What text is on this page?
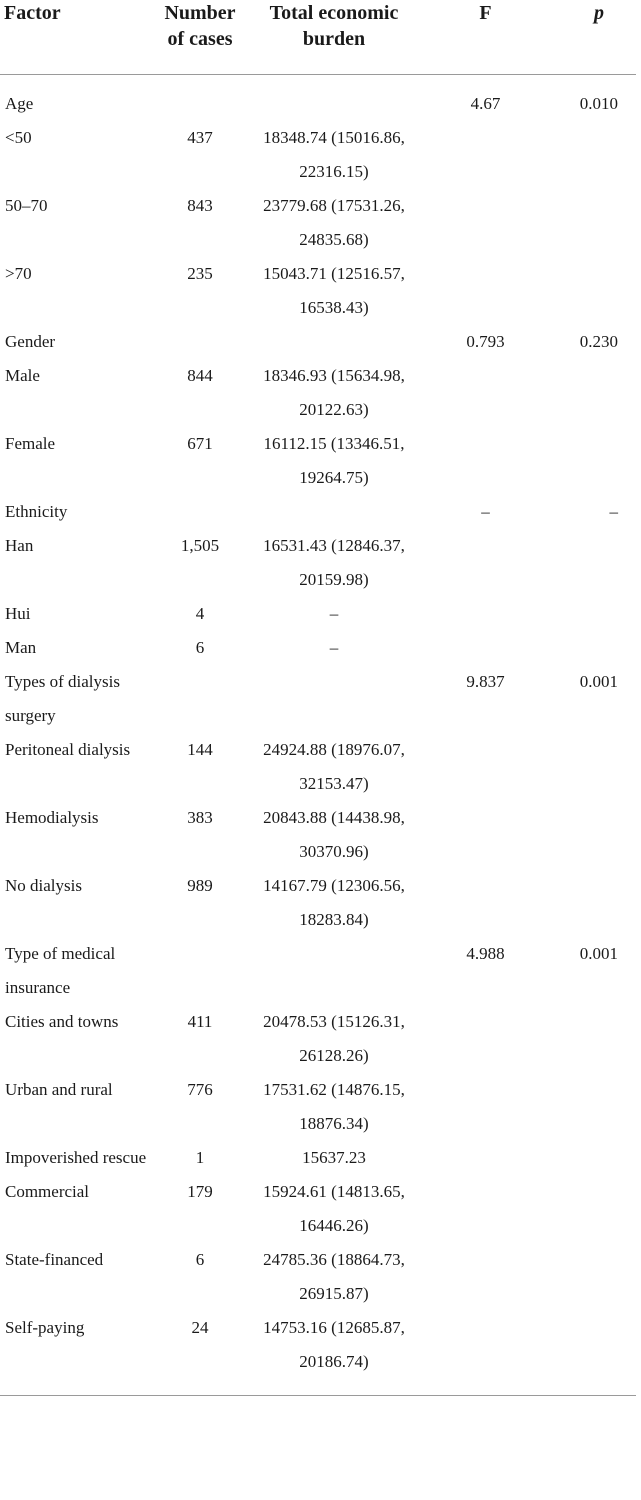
Factor	Number of cases	Total economic burden	F	p
Age			4.67	0.010
<50	437	18348.74 (15016.86, 22316.15)		
50–70	843	23779.68 (17531.26, 24835.68)		
>70	235	15043.71 (12516.57, 16538.43)		
Gender			0.793	0.230
Male	844	18346.93 (15634.98, 20122.63)		
Female	671	16112.15 (13346.51, 19264.75)		
Ethnicity			–	–
Han	1,505	16531.43 (12846.37, 20159.98)		
Hui	4	–		
Man	6	–		
Types of dialysis surgery			9.837	0.001
Peritoneal dialysis	144	24924.88 (18976.07, 32153.47)		
Hemodialysis	383	20843.88 (14438.98, 30370.96)		
No dialysis	989	14167.79 (12306.56, 18283.84)		
Type of medical insurance			4.988	0.001
Cities and towns	411	20478.53 (15126.31, 26128.26)		
Urban and rural	776	17531.62 (14876.15, 18876.34)		
Impoverished rescue	1	15637.23		
Commercial	179	15924.61 (14813.65, 16446.26)		
State-financed	6	24785.36 (18864.73, 26915.87)		
Self-paying	24	14753.16 (12685.87, 20186.74)		
